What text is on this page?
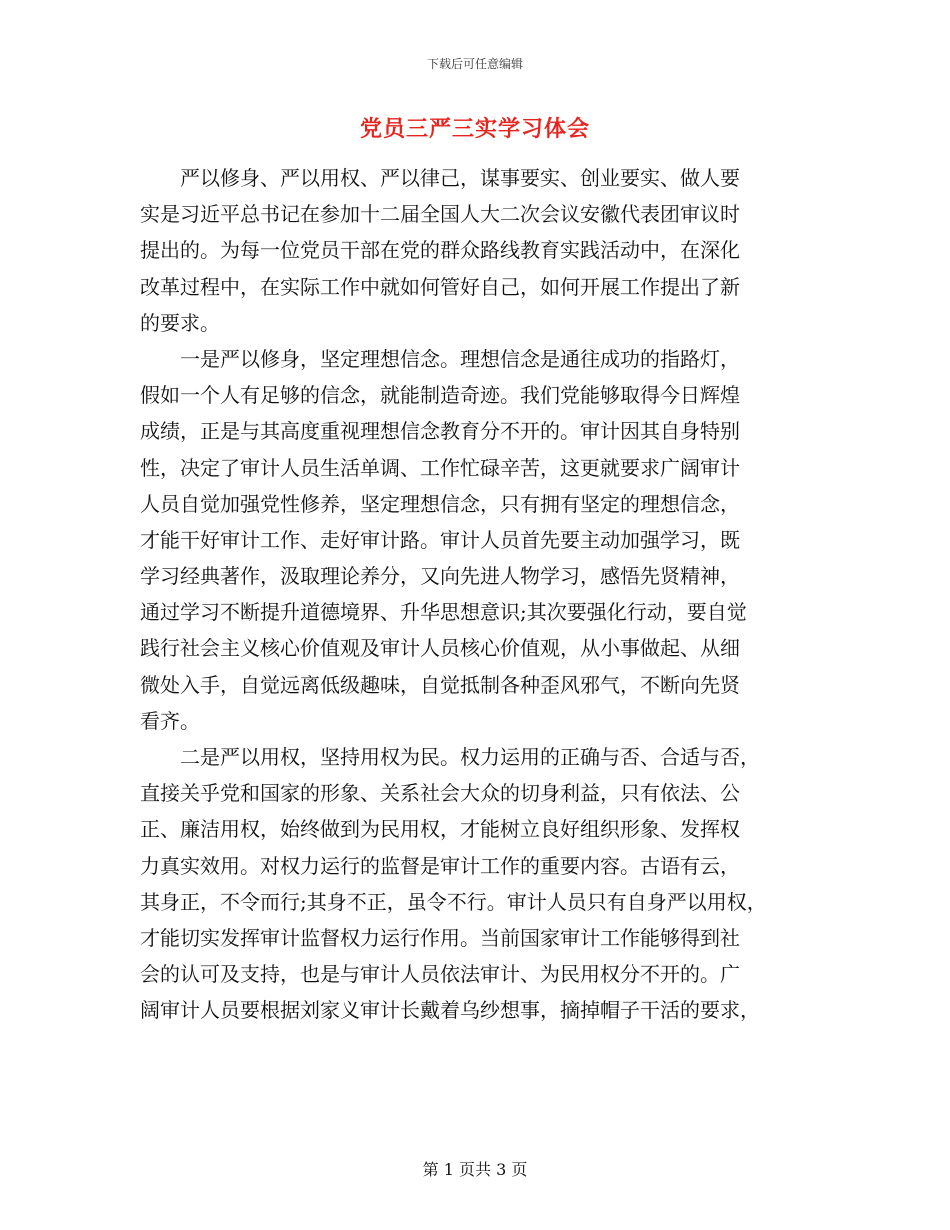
下载后可任意编辑
党员三严三实学习体会
　　严以修身、严以用权、严以律己，谋事要实、创业要实、做人要
实是习近平总书记在参加十二届全国人大二次会议安徽代表团审议时
提出的。为每一位党员干部在党的群众路线教育实践活动中，在深化
改革过程中，在实际工作中就如何管好自己，如何开展工作提出了新
的要求。
　　一是严以修身，坚定理想信念。理想信念是通往成功的指路灯，
假如一个人有足够的信念，就能制造奇迹。我们党能够取得今日辉煌
成绩，正是与其高度重视理想信念教育分不开的。审计因其自身特别
性，决定了审计人员生活单调、工作忙碌辛苦，这更就要求广阔审计
人员自觉加强党性修养，坚定理想信念，只有拥有坚定的理想信念，
才能干好审计工作、走好审计路。审计人员首先要主动加强学习，既
学习经典著作，汲取理论养分，又向先进人物学习，感悟先贤精神，
通过学习不断提升道德境界、升华思想意识;其次要强化行动，要自觉
践行社会主义核心价值观及审计人员核心价值观，从小事做起、从细
微处入手，自觉远离低级趣味，自觉抵制各种歪风邪气，不断向先贤
看齐。
　　二是严以用权，坚持用权为民。权力运用的正确与否、合适与否，
直接关乎党和国家的形象、关系社会大众的切身利益，只有依法、公
正、廉洁用权，始终做到为民用权，才能树立良好组织形象、发挥权
力真实效用。对权力运行的监督是审计工作的重要内容。古语有云，
其身正，不令而行;其身不正，虽令不行。审计人员只有自身严以用权，
才能切实发挥审计监督权力运行作用。当前国家审计工作能够得到社
会的认可及支持，也是与审计人员依法审计、为民用权分不开的。广
阔审计人员要根据刘家义审计长戴着乌纱想事，摘掉帽子干活的要求，
第 1 页共 3 页
